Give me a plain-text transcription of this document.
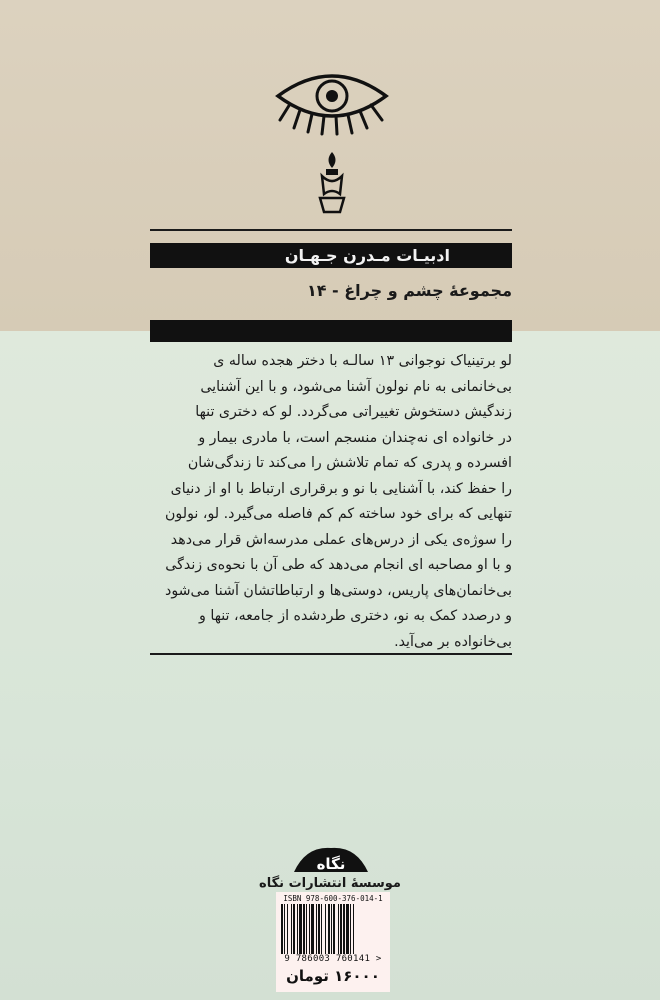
ادبیـات مـدرن جـهـان
مجموعهٔ چشم و چراغ - ۱۴

لو برتینیاک نوجوانی ۱۳ سالـه با دختر هجده ساله ی

بی‌خانمانی به نام نولون آشنا می‌شود، و با این آشنایی

زندگیش دستخوش تغییراتی می‌گردد. لو که دختری تنها

در خانواده ای نه‌چندان منسجم است، با مادری بیمار و

افسرده و پدری که تمام تلاشش را می‌کند تا زندگی‌شان

را حفظ کند، با آشنایی با نو و برقراری ارتباط با او از دنیای

تنهایی که برای خود ساخته کم کم فاصله می‌گیرد. لو، نولون

را سوژه‌ی یکی از درس‌های عملی مدرسه‌اش قرار می‌دهد

و با او مصاحبه ای انجام می‌دهد که طی آن با نحوه‌ی زندگی

بی‌خانمان‌های پاریس، دوستی‌ها و ارتباطاتشان آشنا می‌شود

و درصدد کمک به نو، دختری طردشده از جامعه، تنها و

بی‌خانواده بر می‌آید.

نگاه
موسسهٔ انتشارات نگاه
ISBN 978-600-376-014-1
9 786003 760141 >
۱۶۰۰۰ تومان
